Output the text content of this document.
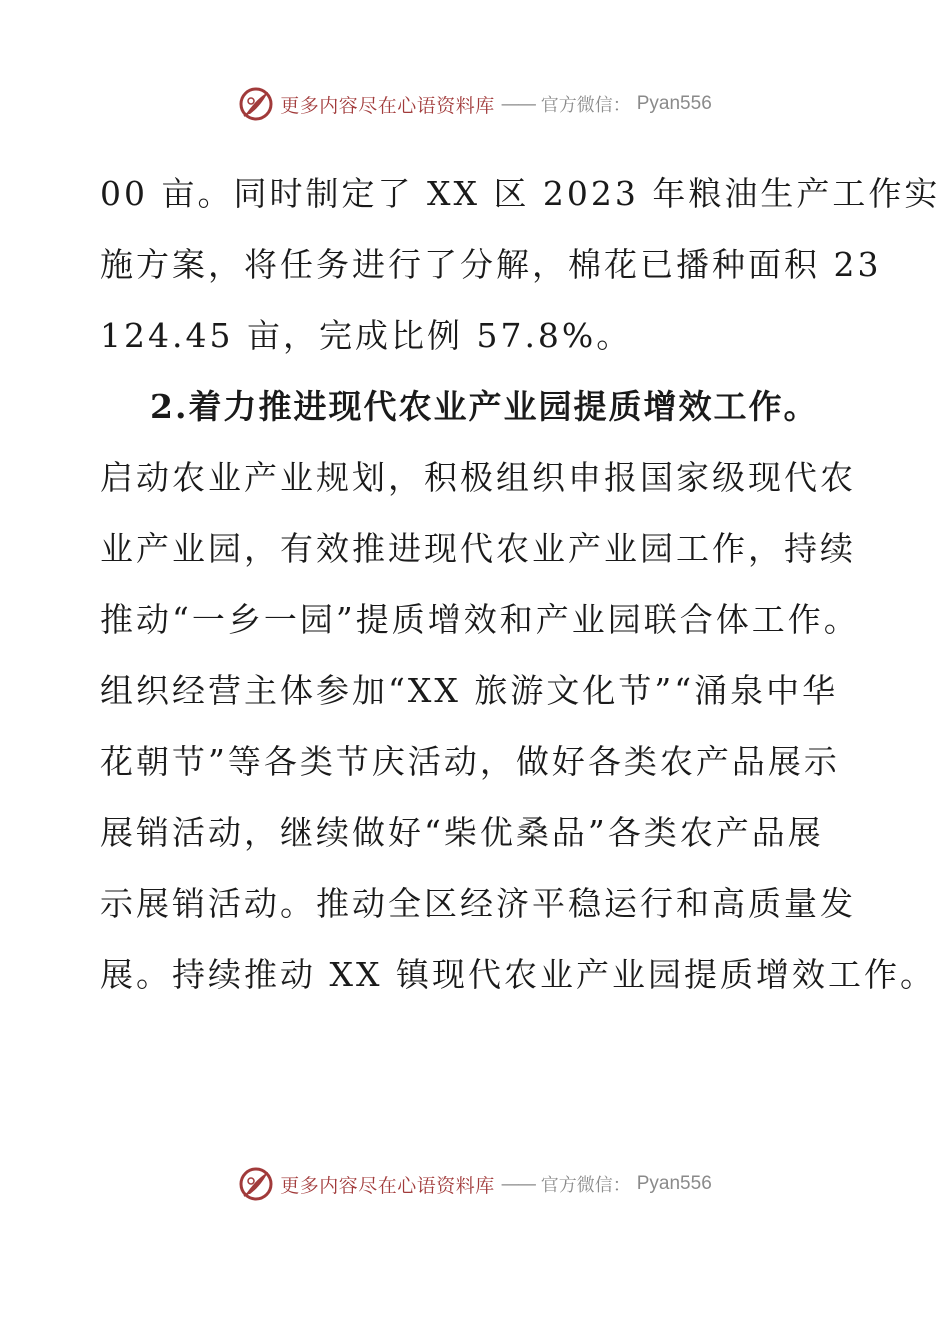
更多内容尽在心语资料库 —— 官方微信： Pyan556
00 亩。同时制定了 XX 区 2023 年粮油生产工作实
施方案，将任务进行了分解，棉花已播种面积 23
124.45 亩，完成比例 57.8%。
2.着力推进现代农业产业园提质增效工作。
启动农业产业规划，积极组织申报国家级现代农
业产业园，有效推进现代农业产业园工作，持续
推动“一乡一园”提质增效和产业园联合体工作。
组织经营主体参加“XX 旅游文化节”“涌泉中华
花朝节”等各类节庆活动，做好各类农产品展示
展销活动，继续做好“柴优桑品”各类农产品展
示展销活动。推动全区经济平稳运行和高质量发
展。持续推动 XX 镇现代农业产业园提质增效工作。
更多内容尽在心语资料库 —— 官方微信： Pyan556
